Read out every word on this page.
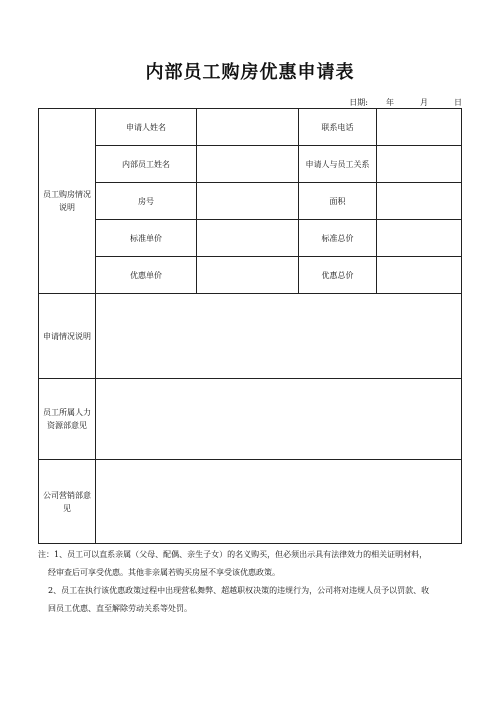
内部员工购房优惠申请表
日期: 年	月	日
员工购房情况说明	申请人姓名		联系电话	
	内部员工姓名		申请人与员工关系	
	房号		面积	
	标准单价		标准总价	
	优惠单价		优惠总价	
申请情况说明				
员工所属人力资源部意见				
公司营销部意见				
注：1、员工可以直系亲属（父母、配偶、亲生子女）的名义购买，但必须出示具有法律效力的相关证明材料，
经审查后可享受优惠。其他非亲属若购买房屋不享受该优惠政策。
2、员工在执行该优惠政策过程中出现营私舞弊、超越职权决策的违规行为，公司将对违规人员予以罚款、收
回员工优惠、直至解除劳动关系等处罚。
